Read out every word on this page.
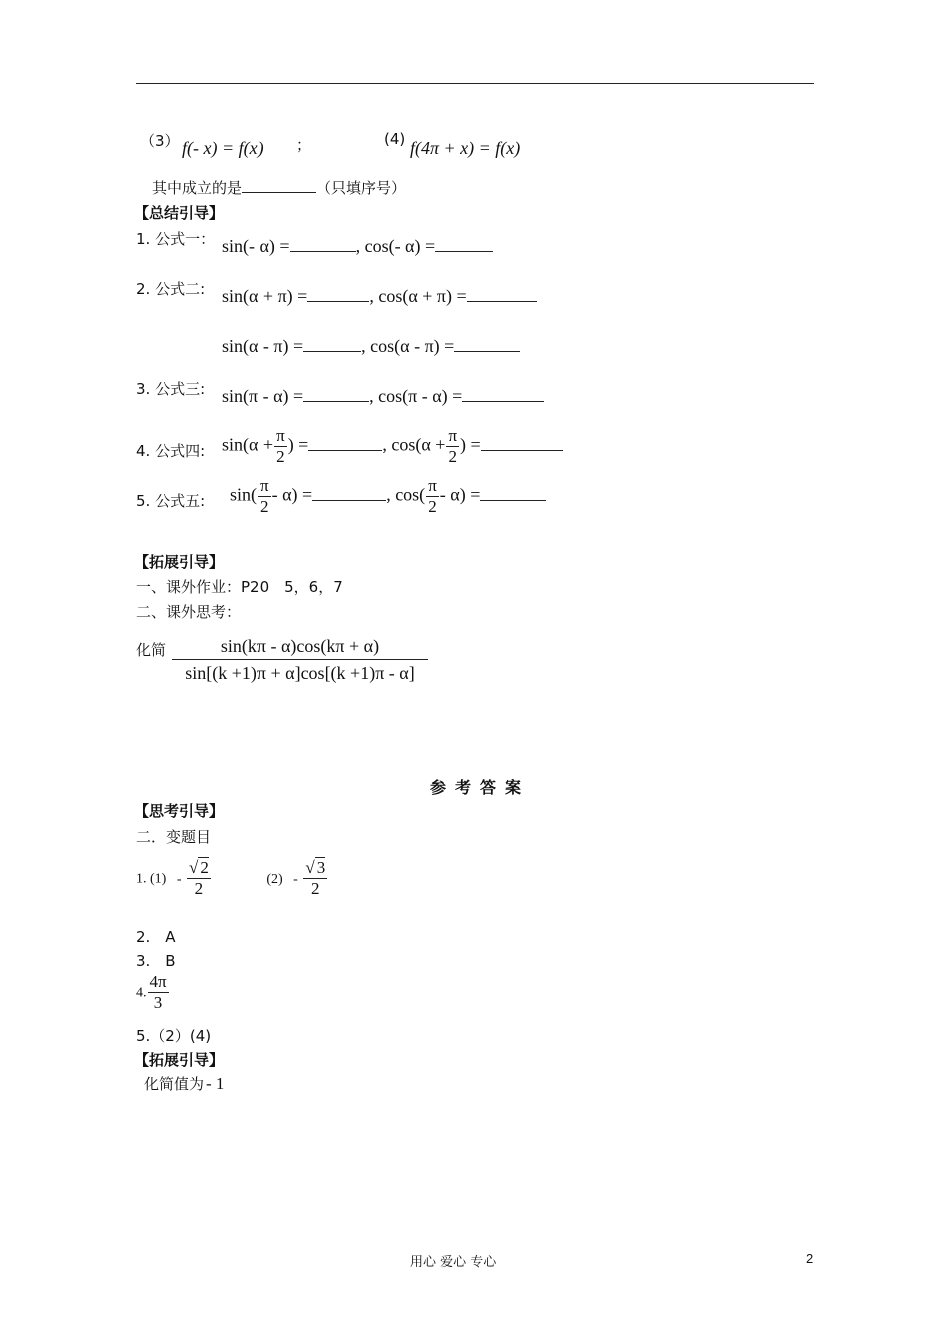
（3） f(- x) = f(x) ；	(4) f(4π + x) = f(x)
其中成立的是	（只填序号）
【总结引导】
1. 公式一： sin(- α) =	, cos(- α) =
2. 公式二: sin(α + π) =	, cos(α + π) =
sin(α - π) =	, cos(α - π) =
3. 公式三: sin(π - α) =	, cos(π - α) =
4. 公式四: $\sin(\alpha + \frac{\pi}{2}$ ) =	, $\cos(\alpha + \frac{\pi}{2}$ ) =
5. 公式五: $\sin( \frac{\pi}{2} - \alpha)$ =	, $\cos( \frac{\pi}{2} - \alpha)$ =
【拓展引导】
一、课外作业：P20　5，6，7
二、课外思考：
化简 $\frac{\sin(k\pi - \alpha)\cos(k\pi + \alpha)}{\sin[(k +1)\pi + \alpha]\cos[(k +1)\pi - \alpha]}$
参考答案
【思考引导】
二．变题目
1. $(1) - \frac{√ 2}{2}$	$(2) - \frac{√ 3}{2}$
2.　A
3.　B
4. $\frac{4\pi}{3}$
5.（2）(4)
【拓展引导】
化简值为 - 1
用心 爱心 专心	2
